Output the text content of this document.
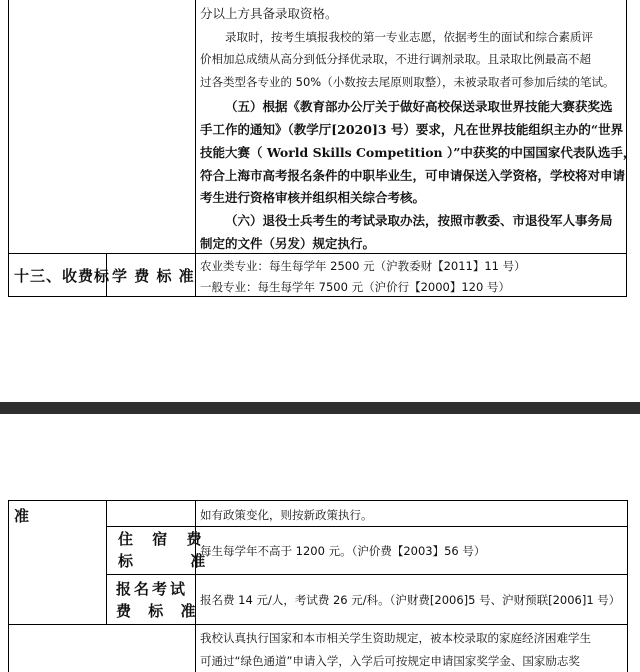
分以上方具备录取资格。
录取时，按考生填报我校的第一专业志愿，依据考生的面试和综合素质评
价相加总成绩从高分到低分择优录取，不进行调剂录取。且录取比例最高不超
过各类型各专业的 50%（小数按去尾原则取整），未被录取者可参加后续的笔试。
（五）根据《教育部办公厅关于做好高校保送录取世界技能大赛获奖选
手工作的通知》（教学厅[2020]3 号）要求，凡在世界技能组织主办的“世界
技能大赛（ World Skills Competition ）”中获奖的中国国家代表队选手，
符合上海市高考报名条件的中职毕业生，可申请保送入学资格，学校将对申请
考生进行资格审核并组织相关综合考核。
（六）退役士兵考生的考试录取办法，按照市教委、市退役军人事务局
制定的文件（另发）规定执行。
十三、收费标 学 费 标 准
农业类专业：每生每学年 2500 元（沪教委财【2011】11 号）
一般专业：每生每学年 7500 元（沪价行【2000】120 号）
准	如有政策变化，则按新政策执行。
住 宿 费
标 准
每生每学年不高于 1200 元。（沪价费【2003】56 号）
报名考试
费 标 准
报名费 14 元/人，考试费 26 元/科。（沪财费[2006]5 号、沪财预联[2006]1 号）
我校认真执行国家和本市相关学生资助规定，被本校录取的家庭经济困难学生
可通过“绿色通道”申请入学，入学后可按规定申请国家奖学金、国家励志奖
